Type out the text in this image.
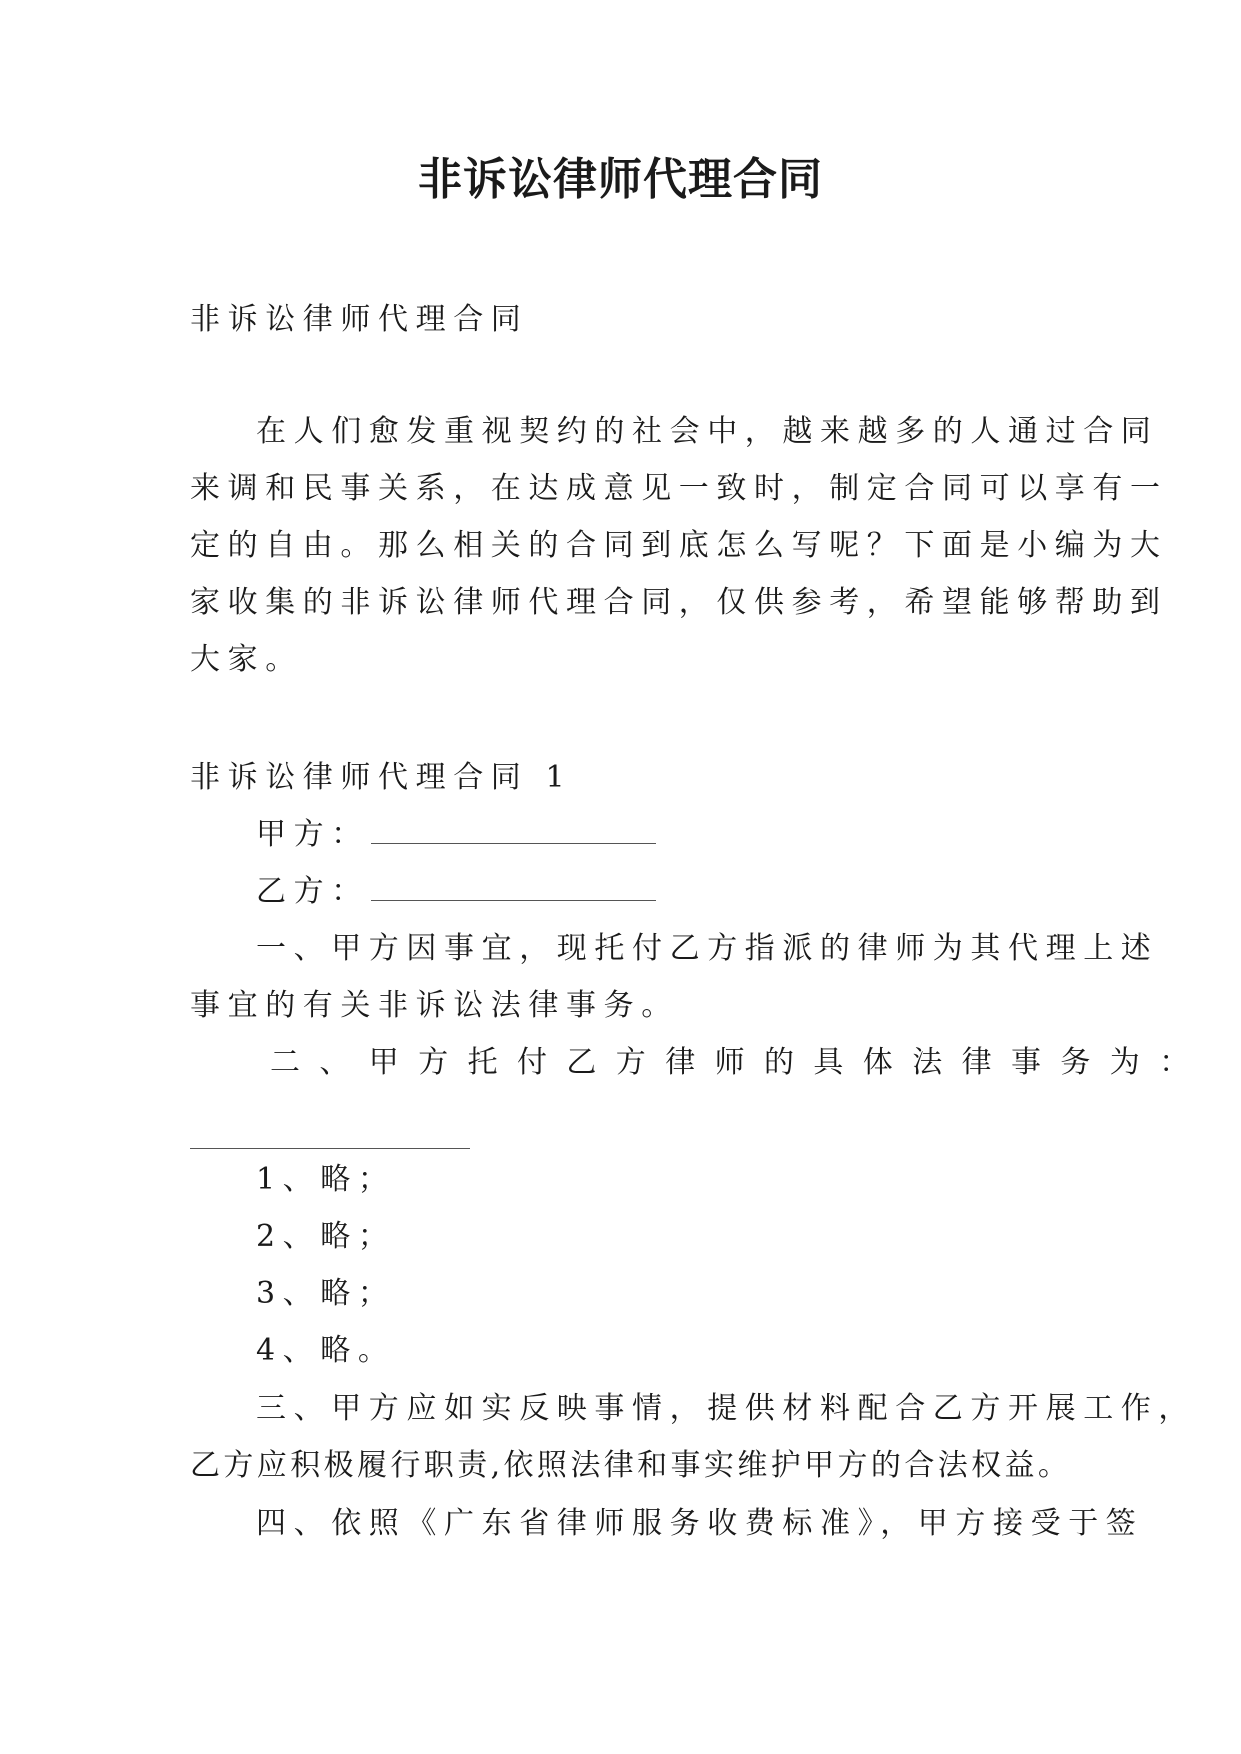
非诉讼律师代理合同
非诉讼律师代理合同
在人们愈发重视契约的社会中，越来越多的人通过合同
来调和民事关系，在达成意见一致时，制定合同可以享有一
定的自由。那么相关的合同到底怎么写呢？下面是小编为大
家收集的非诉讼律师代理合同，仅供参考，希望能够帮助到
大家。
非诉讼律师代理合同 1
甲方：
乙方：
一、甲方因事宜，现托付乙方指派的律师为其代理上述
事宜的有关非诉讼法律事务。
二、甲方托付乙方律师的具体法律事务为：
1、略；
2、略；
3、略；
4、略。
三、甲方应如实反映事情，提供材料配合乙方开展工作，
乙方应积极履行职责,依照法律和事实维护甲方的合法权益。
四、依照《广东省律师服务收费标准》，甲方接受于签
